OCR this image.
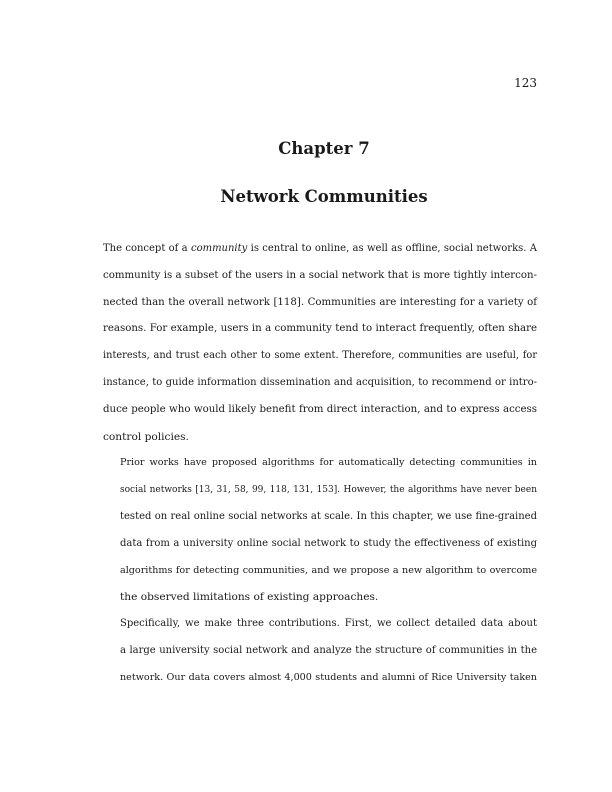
123
Chapter 7
Network Communities

The concept of a community is central to online, as well as offline, social networks. A
community is a subset of the users in a social network that is more tightly intercon-
nected than the overall network [118]. Communities are interesting for a variety of
reasons. For example, users in a community tend to interact frequently, often share
interests, and trust each other to some extent. Therefore, communities are useful, for
instance, to guide information dissemination and acquisition, to recommend or intro-
duce people who would likely benefit from direct interaction, and to express access
control policies.

Prior works have proposed algorithms for automatically detecting communities in
social networks [13, 31, 58, 99, 118, 131, 153]. However, the algorithms have never been
tested on real online social networks at scale. In this chapter, we use fine-grained
data from a university online social network to study the effectiveness of existing
algorithms for detecting communities, and we propose a new algorithm to overcome
the observed limitations of existing approaches.

Specifically, we make three contributions. First, we collect detailed data about
a large university social network and analyze the structure of communities in the
network. Our data covers almost 4,000 students and alumni of Rice University taken
